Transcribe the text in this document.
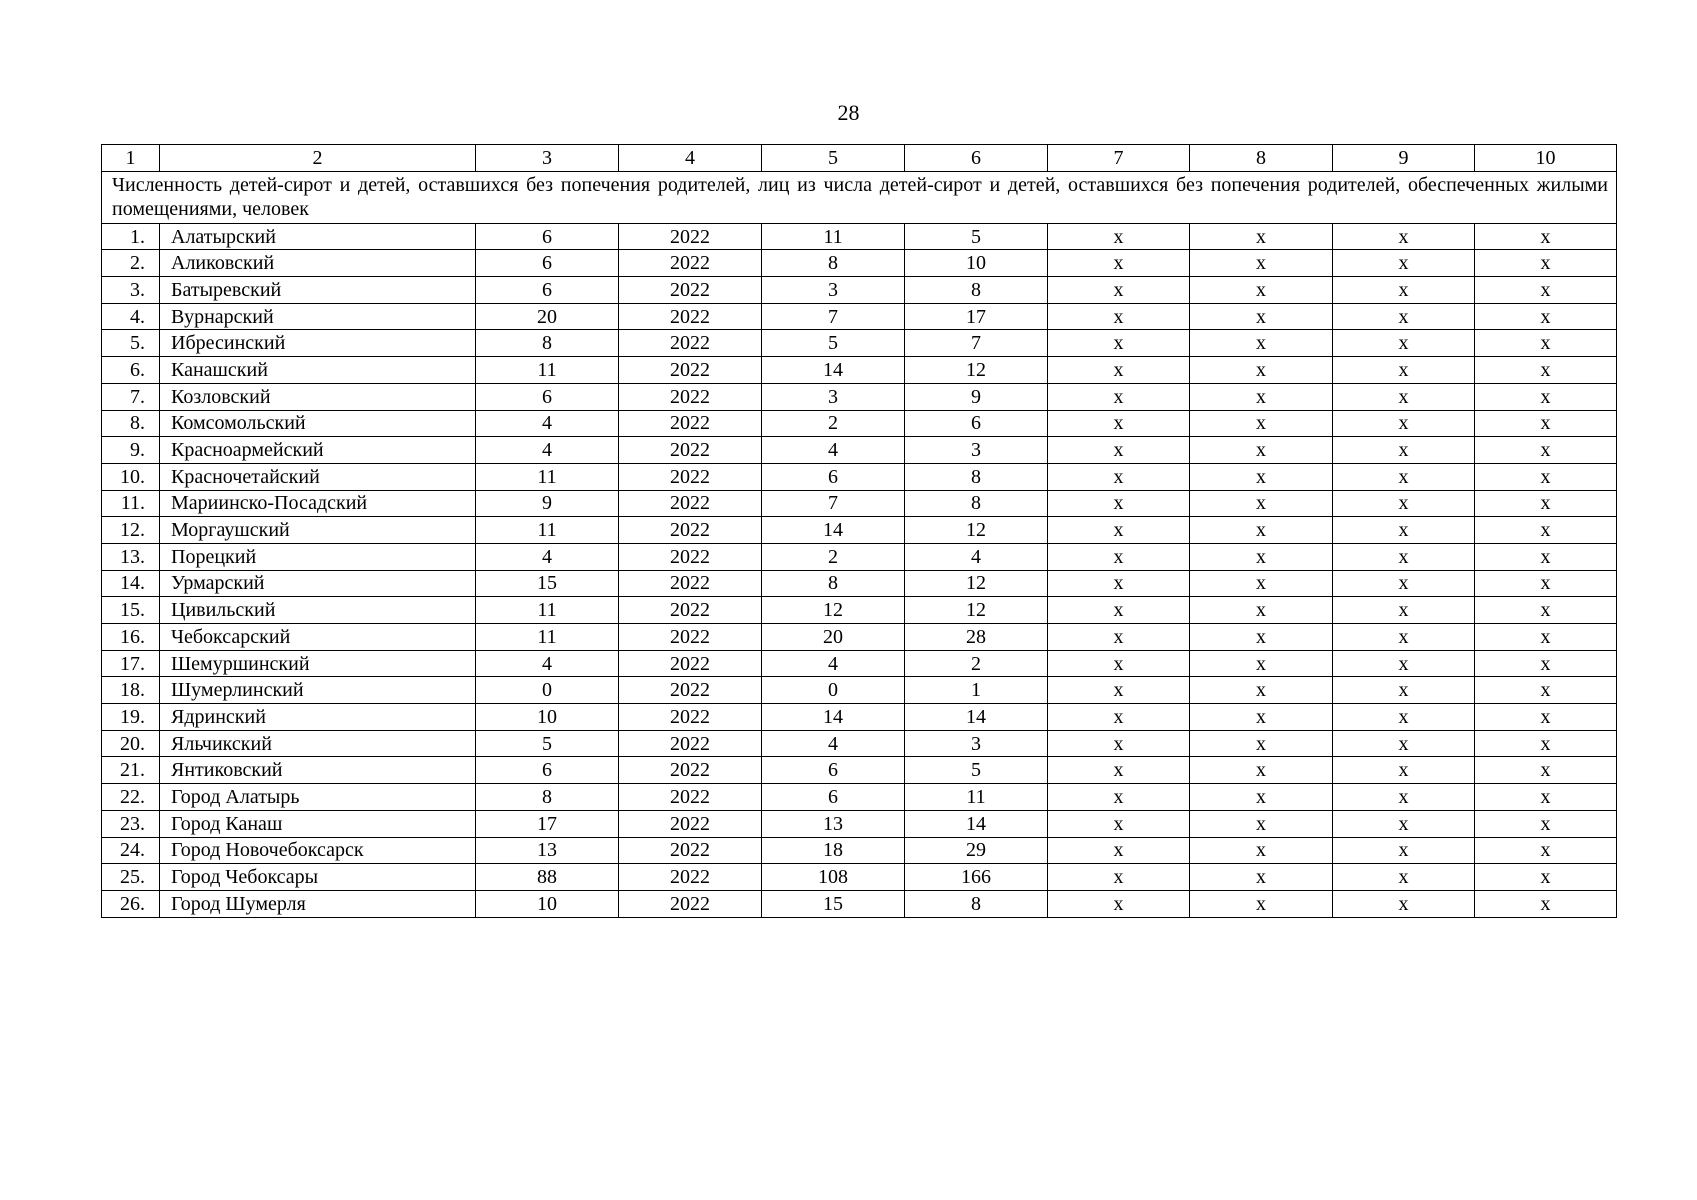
28
1	2	3	4	5	6	7	8	9	10
Численность детей-сирот и детей, оставшихся без попечения родителей, лиц из числа детей-сирот и детей, оставшихся без попечения родителей, обеспеченных жилыми помещениями, человек									
1.	Алатырский	6	2022	11	5	х	х	х	х
2.	Аликовский	6	2022	8	10	х	х	х	х
3.	Батыревский	6	2022	3	8	х	х	х	х
4.	Вурнарский	20	2022	7	17	х	х	х	х
5.	Ибресинский	8	2022	5	7	х	х	х	х
6.	Канашский	11	2022	14	12	х	х	х	х
7.	Козловский	6	2022	3	9	х	х	х	х
8.	Комсомольский	4	2022	2	6	х	х	х	х
9.	Красноармейский	4	2022	4	3	х	х	х	х
10.	Красночетайский	11	2022	6	8	х	х	х	х
11.	Мариинско-Посадский	9	2022	7	8	х	х	х	х
12.	Моргаушский	11	2022	14	12	х	х	х	х
13.	Порецкий	4	2022	2	4	х	х	х	х
14.	Урмарский	15	2022	8	12	х	х	х	х
15.	Цивильский	11	2022	12	12	х	х	х	х
16.	Чебоксарский	11	2022	20	28	х	х	х	х
17.	Шемуршинский	4	2022	4	2	х	х	х	х
18.	Шумерлинский	0	2022	0	1	х	х	х	х
19.	Ядринский	10	2022	14	14	х	х	х	х
20.	Яльчикский	5	2022	4	3	х	х	х	х
21.	Янтиковский	6	2022	6	5	х	х	х	х
22.	Город Алатырь	8	2022	6	11	х	х	х	х
23.	Город Канаш	17	2022	13	14	х	х	х	х
24.	Город Новочебоксарск	13	2022	18	29	х	х	х	х
25.	Город Чебоксары	88	2022	108	166	х	х	х	х
26.	Город Шумерля	10	2022	15	8	х	х	х	х
